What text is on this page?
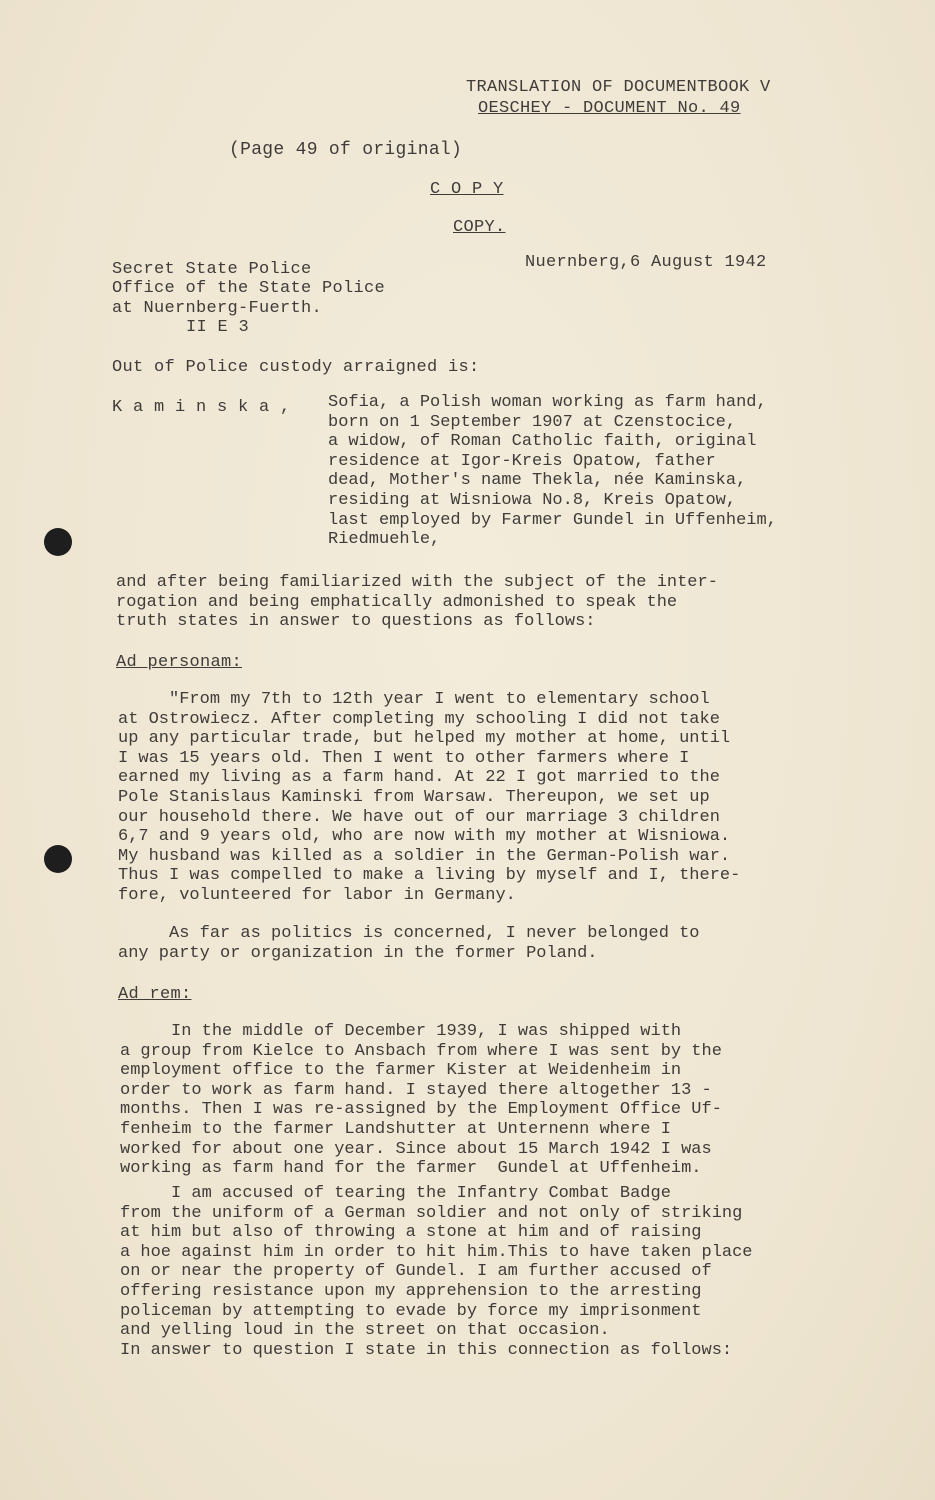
TRANSLATION OF DOCUMENTBOOK V
OESCHEY - DOCUMENT No. 49
(Page 49 of original)
C O P Y
COPY.
Secret State Police
Office of the State Police
at Nuernberg-Fuerth.
II E 3
Nuernberg,6 August 1942
Out of Police custody arraigned is:
K a m i n s k a , Sofia, a Polish woman working as farm hand,
born on 1 September 1907 at Czenstocice,
a widow, of Roman Catholic faith, original
residence at Igor-Kreis Opatow, father
dead, Mother's name Thekla, née Kaminska,
residing at Wisniowa No.8, Kreis Opatow,
last employed by Farmer Gundel in Uffenheim,
Riedmuehle,
and after being familiarized with the subject of the inter-
rogation and being emphatically admonished to speak the
truth states in answer to questions as follows:
Ad personam:
"From my 7th to 12th year I went to elementary school
at Ostrowiecz. After completing my schooling I did not take
up any particular trade, but helped my mother at home, until
I was 15 years old. Then I went to other farmers where I
earned my living as a farm hand. At 22 I got married to the
Pole Stanislaus Kaminski from Warsaw. Thereupon, we set up
our household there. We have out of our marriage 3 children
6,7 and 9 years old, who are now with my mother at Wisniowa.
My husband was killed as a soldier in the German-Polish war.
Thus I was compelled to make a living by myself and I, there-
fore, volunteered for labor in Germany.
As far as politics is concerned, I never belonged to
any party or organization in the former Poland.
Ad rem:
In the middle of December 1939, I was shipped with
a group from Kielce to Ansbach from where I was sent by the
employment office to the farmer Kister at Weidenheim in
order to work as farm hand. I stayed there altogether 13 -
months. Then I was re-assigned by the Employment Office Uf-
fenheim to the farmer Landshutter at Unternenn where I
worked for about one year. Since about 15 March 1942 I was
working as farm hand for the farmer  Gundel at Uffenheim.
I am accused of tearing the Infantry Combat Badge
from the uniform of a German soldier and not only of striking
at him but also of throwing a stone at him and of raising
a hoe against him in order to hit him.This to have taken place
on or near the property of Gundel. I am further accused of
offering resistance upon my apprehension to the arresting
policeman by attempting to evade by force my imprisonment
and yelling loud in the street on that occasion.
In answer to question I state in this connection as follows:
